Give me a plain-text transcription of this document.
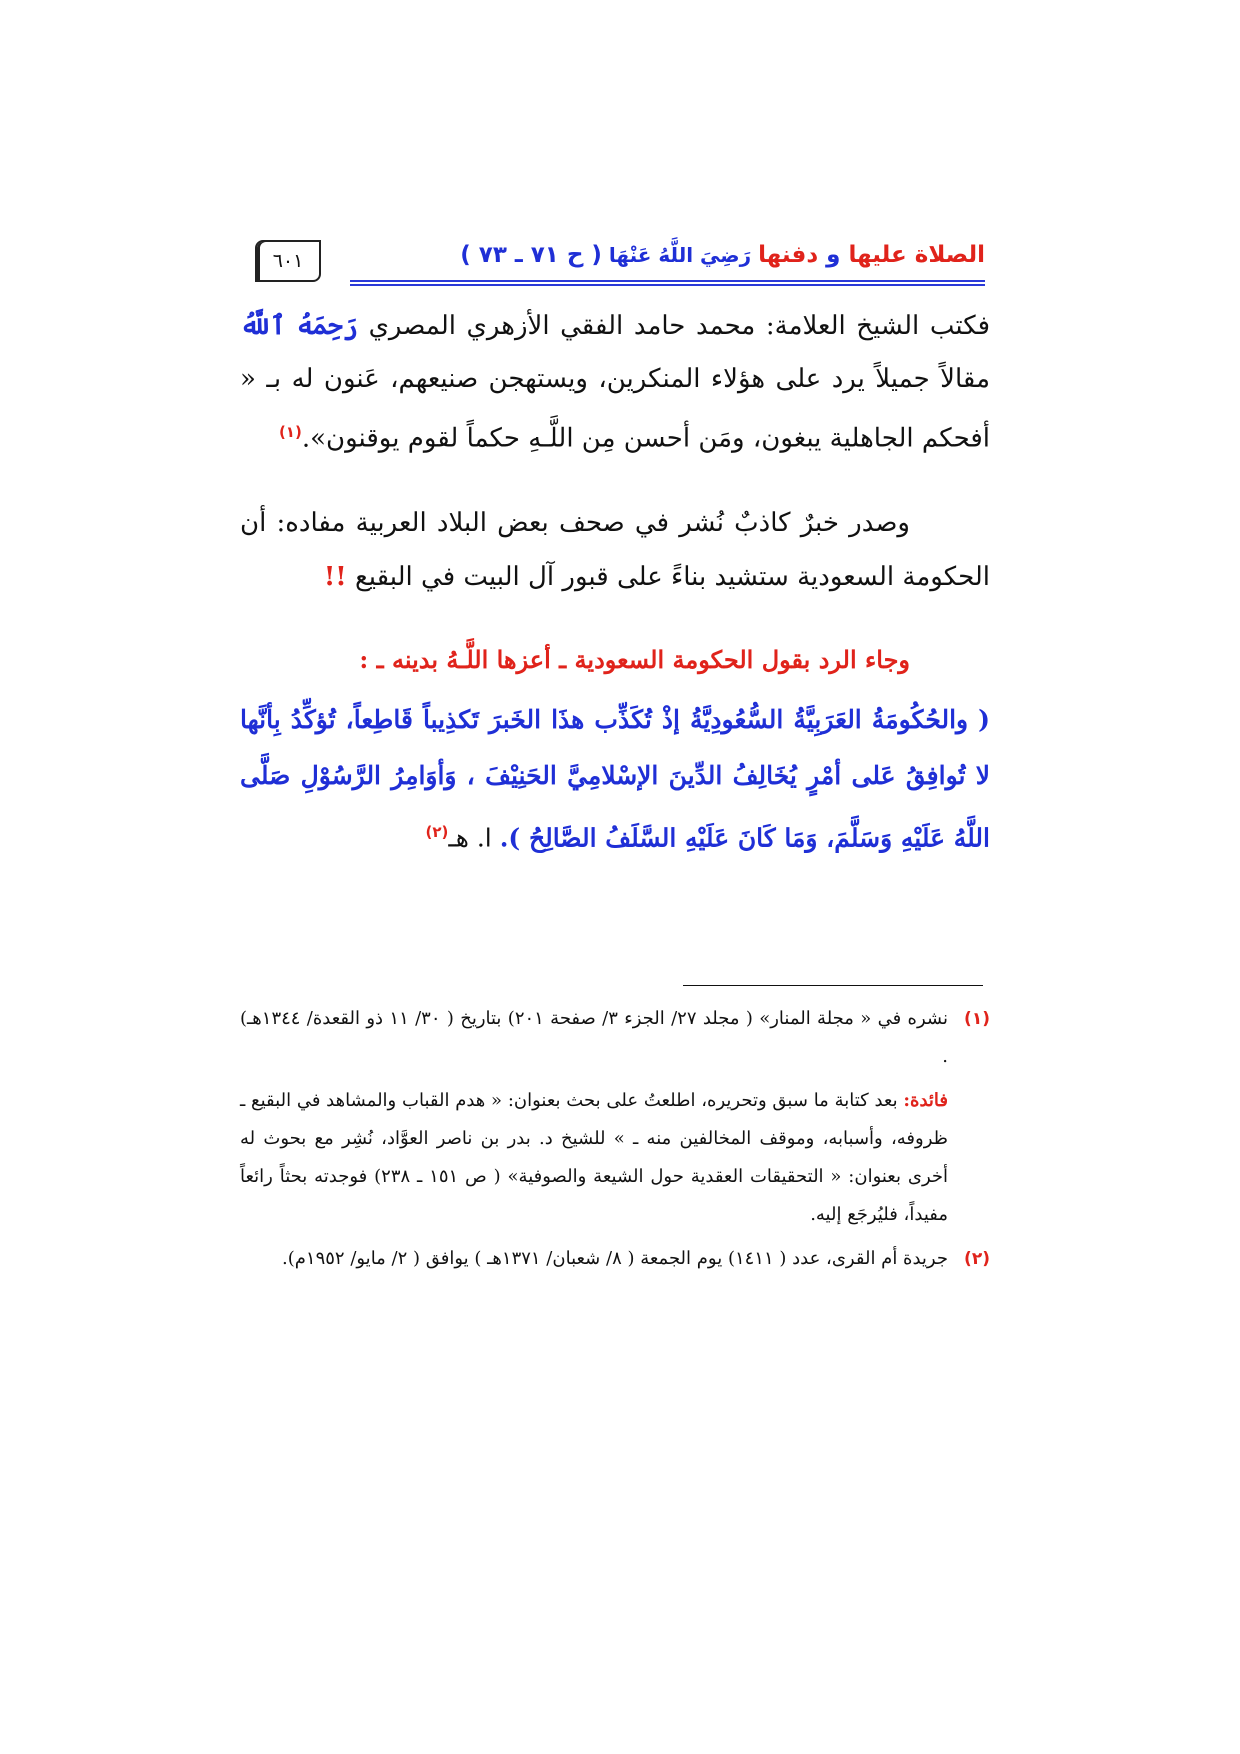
الصلاة عليها و دفنها رَضِيَ اللَّهُ عَنْهَا ( ح ٧١ ـ ٧٣ )
٦٠١

فكتب الشيخ العلامة: محمد حامد الفقي الأزهري المصري رَحِمَهُ ٱللَّهُ مقالاً جميلاً يرد على هؤلاء المنكرين، ويستهجن صنيعهم، عَنون له بـ « أفحكم الجاهلية يبغون، ومَن أحسن مِن اللَّـهِ حكماً لقوم يوقنون».$^{(١)}$

وصدر خبرٌ كاذبٌ نُشر في صحف بعض البلاد العربية مفاده: أن الحكومة السعودية ستشيد بناءً على قبور آل البيت في البقيع !!

وجاء الرد بقول الحكومة السعودية ـ أعزها اللَّـهُ بدينه ـ :

( والحُكُومَةُ العَرَبِيَّةُ السُّعُودِيَّةُ إذْ تُكَذِّب هذَا الخَبرَ تَكذِيباً قَاطِعاً، تُؤكِّدُ بِأنَّها لا تُوافِقُ عَلى أمْرٍ يُخَالِفُ الدِّينَ الإسْلامِيَّ الحَنِيْفَ ، وَأوَامِرُ الرَّسُوْلِ صَلَّى اللَّهُ عَلَيْهِ وَسَلَّمَ، وَمَا كَانَ عَلَيْهِ السَّلَفُ الصَّالِحُ ). ا. هـ$^{(٢)}$

(١)
نشره في « مجلة المنار» ( مجلد ٢٧/ الجزء ٣/ صفحة ٢٠١) بتاريخ ( ٣٠/ ١١ ذو القعدة/ ١٣٤٤هـ) .
فائدة: بعد كتابة ما سبق وتحريره، اطلعتُ على بحث بعنوان: « هدم القباب والمشاهد في البقيع ـ ظروفه، وأسبابه، وموقف المخالفين منه ـ » للشيخ د. بدر بن ناصر العوَّاد، نُشِر مع بحوث له أخرى بعنوان: « التحقيقات العقدية حول الشيعة والصوفية» ( ص ١٥١ ـ ٢٣٨) فوجدته بحثاً رائعاً مفيداً، فليُرجَع إليه.
(٢)
جريدة أم القرى، عدد ( ١٤١١) يوم الجمعة ( ٨/ شعبان/ ١٣٧١هـ ) يوافق ( ٢/ مايو/ ١٩٥٢م).
